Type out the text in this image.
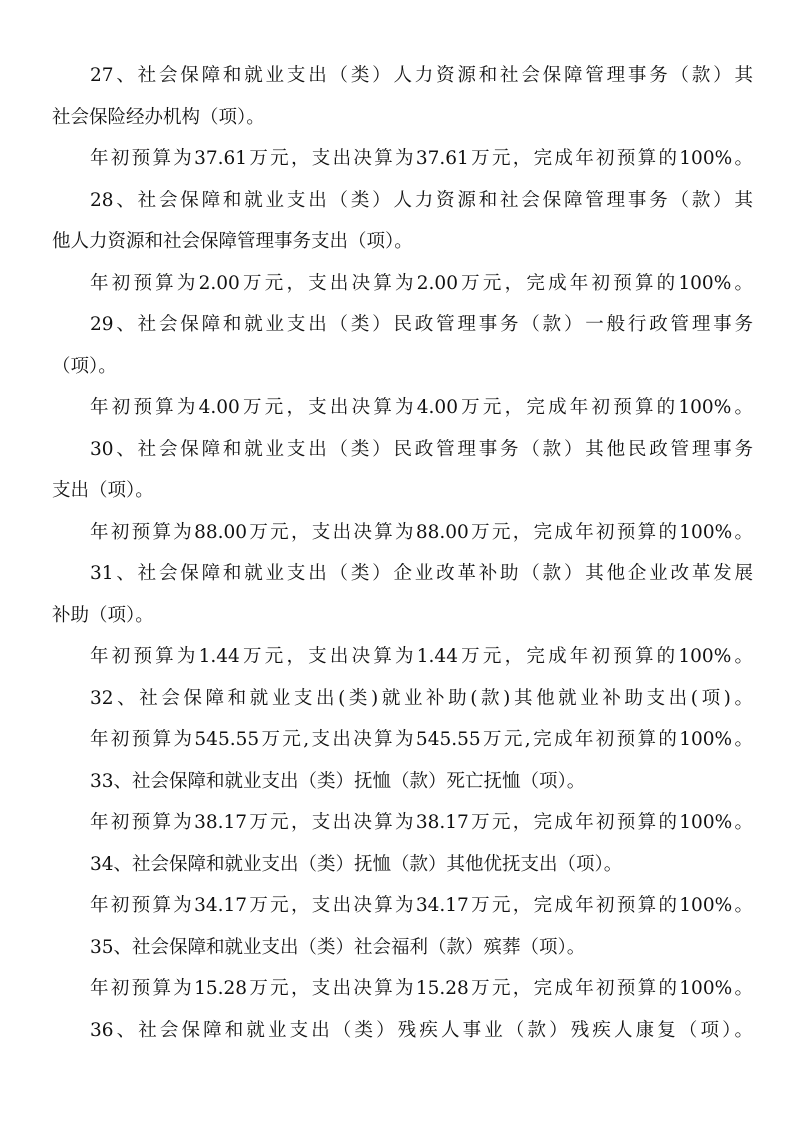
27、社会保障和就业支出（类）人力资源和社会保障管理事务（款）其

社会保险经办机构（项）。

年初预算为37.61万元，支出决算为37.61万元，完成年初预算的100%。

28、社会保障和就业支出（类）人力资源和社会保障管理事务（款）其

他人力资源和社会保障管理事务支出（项）。

年初预算为2.00万元，支出决算为2.00万元，完成年初预算的100%。

29、社会保障和就业支出（类）民政管理事务（款）一般行政管理事务

（项）。

年初预算为4.00万元，支出决算为4.00万元，完成年初预算的100%。

30、社会保障和就业支出（类）民政管理事务（款）其他民政管理事务

支出（项）。

年初预算为88.00万元，支出决算为88.00万元，完成年初预算的100%。

31、社会保障和就业支出（类）企业改革补助（款）其他企业改革发展

补助（项）。

年初预算为1.44万元，支出决算为1.44万元，完成年初预算的100%。

32、社会保障和就业支出(类)就业补助(款)其他就业补助支出(项)。

年初预算为545.55万元,支出决算为545.55万元,完成年初预算的100%。

33、社会保障和就业支出（类）抚恤（款）死亡抚恤（项）。

年初预算为38.17万元，支出决算为38.17万元，完成年初预算的100%。

34、社会保障和就业支出（类）抚恤（款）其他优抚支出（项）。

年初预算为34.17万元，支出决算为34.17万元，完成年初预算的100%。

35、社会保障和就业支出（类）社会福利（款）殡葬（项）。

年初预算为15.28万元，支出决算为15.28万元，完成年初预算的100%。

36、社会保障和就业支出（类）残疾人事业（款）残疾人康复（项）。
